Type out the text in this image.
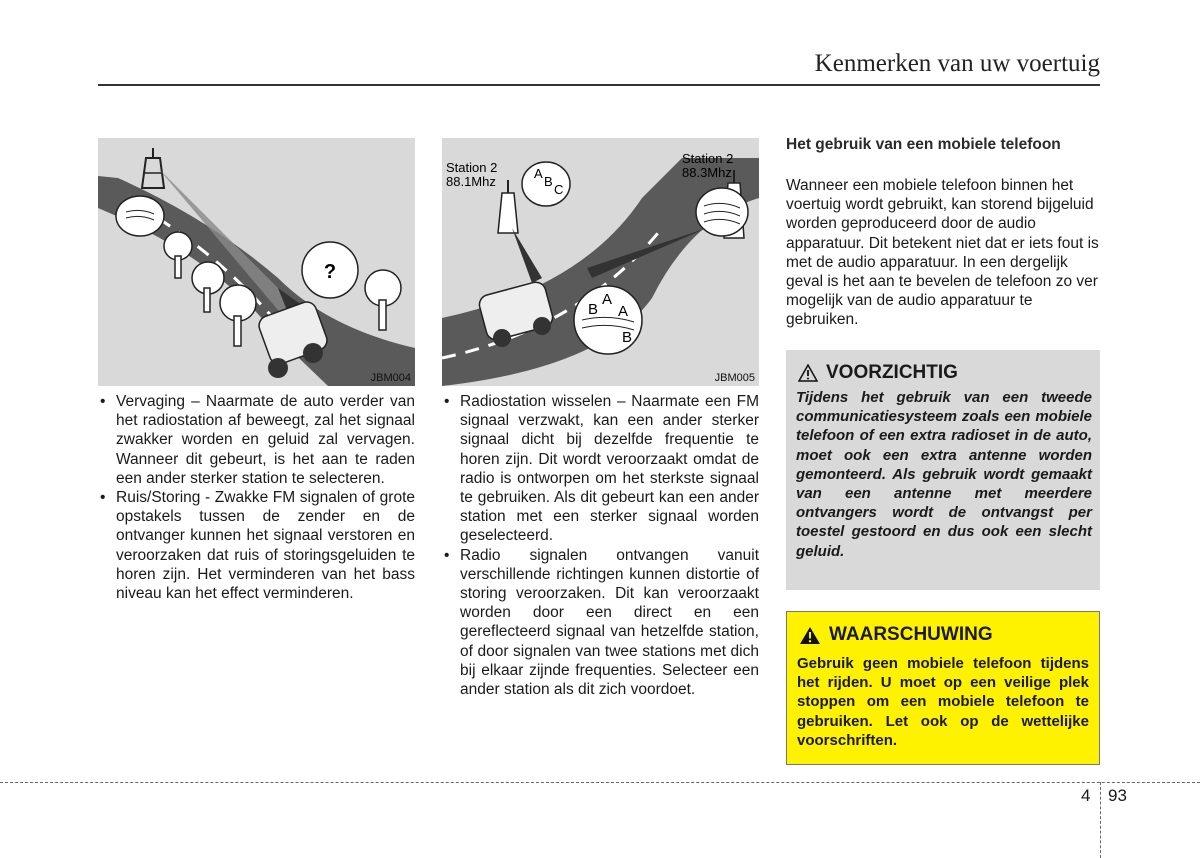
Kenmerken van uw voertuig
?
JBM004
Station 2
88.1Mhz
Station 2
88.3Mhz
A
B
C
A
B A
B
JBM005
• Vervaging – Naarmate de auto verder van het radiostation af beweegt, zal het signaal zwakker worden en geluid zal vervagen. Wanneer dit gebeurt, is het aan te raden een ander sterker station te selecteren.
• Ruis/Storing - Zwakke FM signalen of grote opstakels tussen de zender en de ontvanger kunnen het signaal verstoren en veroorzaken dat ruis of storingsgeluiden te horen zijn. Het verminderen van het bass niveau kan het effect verminderen.
• Radiostation wisselen – Naarmate een FM signaal verzwakt, kan een ander sterker signaal dicht bij dezelfde frequentie te horen zijn. Dit wordt veroorzaakt omdat de radio is ontworpen om het sterkste signaal te gebruiken. Als dit gebeurt kan een ander station met een sterker signaal worden geselecteerd.
• Radio signalen ontvangen vanuit verschillende richtingen kunnen distortie of storing veroorzaken. Dit kan veroorzaakt worden door een direct en een gereflecteerd signaal van hetzelfde station, of door signalen van twee stations met dich bij elkaar zijnde frequenties. Selecteer een ander station als dit zich voordoet.
Het gebruik van een mobiele telefoon
Wanneer een mobiele telefoon binnen het voertuig wordt gebruikt, kan storend bijgeluid worden geproduceerd door de audio apparatuur. Dit betekent niet dat er iets fout is met de audio apparatuur. In een dergelijk geval is het aan te bevelen de telefoon zo ver mogelijk van de audio apparatuur te gebruiken.
VOORZICHTIG
Tijdens het gebruik van een tweede communicatiesysteem zoals een mobiele telefoon of een extra radioset in de auto, moet ook een extra antenne worden gemonteerd. Als gebruik wordt gemaakt van een antenne met meerdere ontvangers wordt de ontvangst per toestel gestoord en dus ook een slecht geluid.
WAARSCHUWING
Gebruik geen mobiele telefoon tijdens het rijden. U moet op een veilige plek stoppen om een mobiele telefoon te gebruiken. Let ook op de wettelijke voorschriften.
4 93
